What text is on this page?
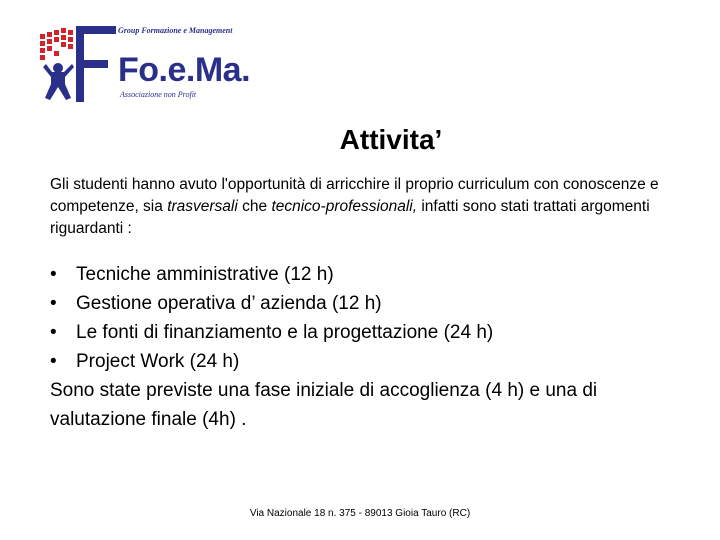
Group Formazione e Management
Fo.e.Ma.
Associazione non Profit
Attivita’
Gli studenti hanno avuto l'opportunità di arricchire il proprio curriculum con conoscenze e competenze, sia trasversali che tecnico-professionali, infatti sono stati trattati argomenti riguardanti :
• Tecniche amministrative (12 h)
• Gestione operativa d’ azienda (12 h)
• Le fonti di finanziamento e la progettazione (24 h)
• Project Work (24 h)
Sono state previste una fase iniziale di accoglienza (4 h) e una di valutazione finale (4h) .
Via Nazionale 18 n. 375 - 89013 Gioia Tauro (RC)
